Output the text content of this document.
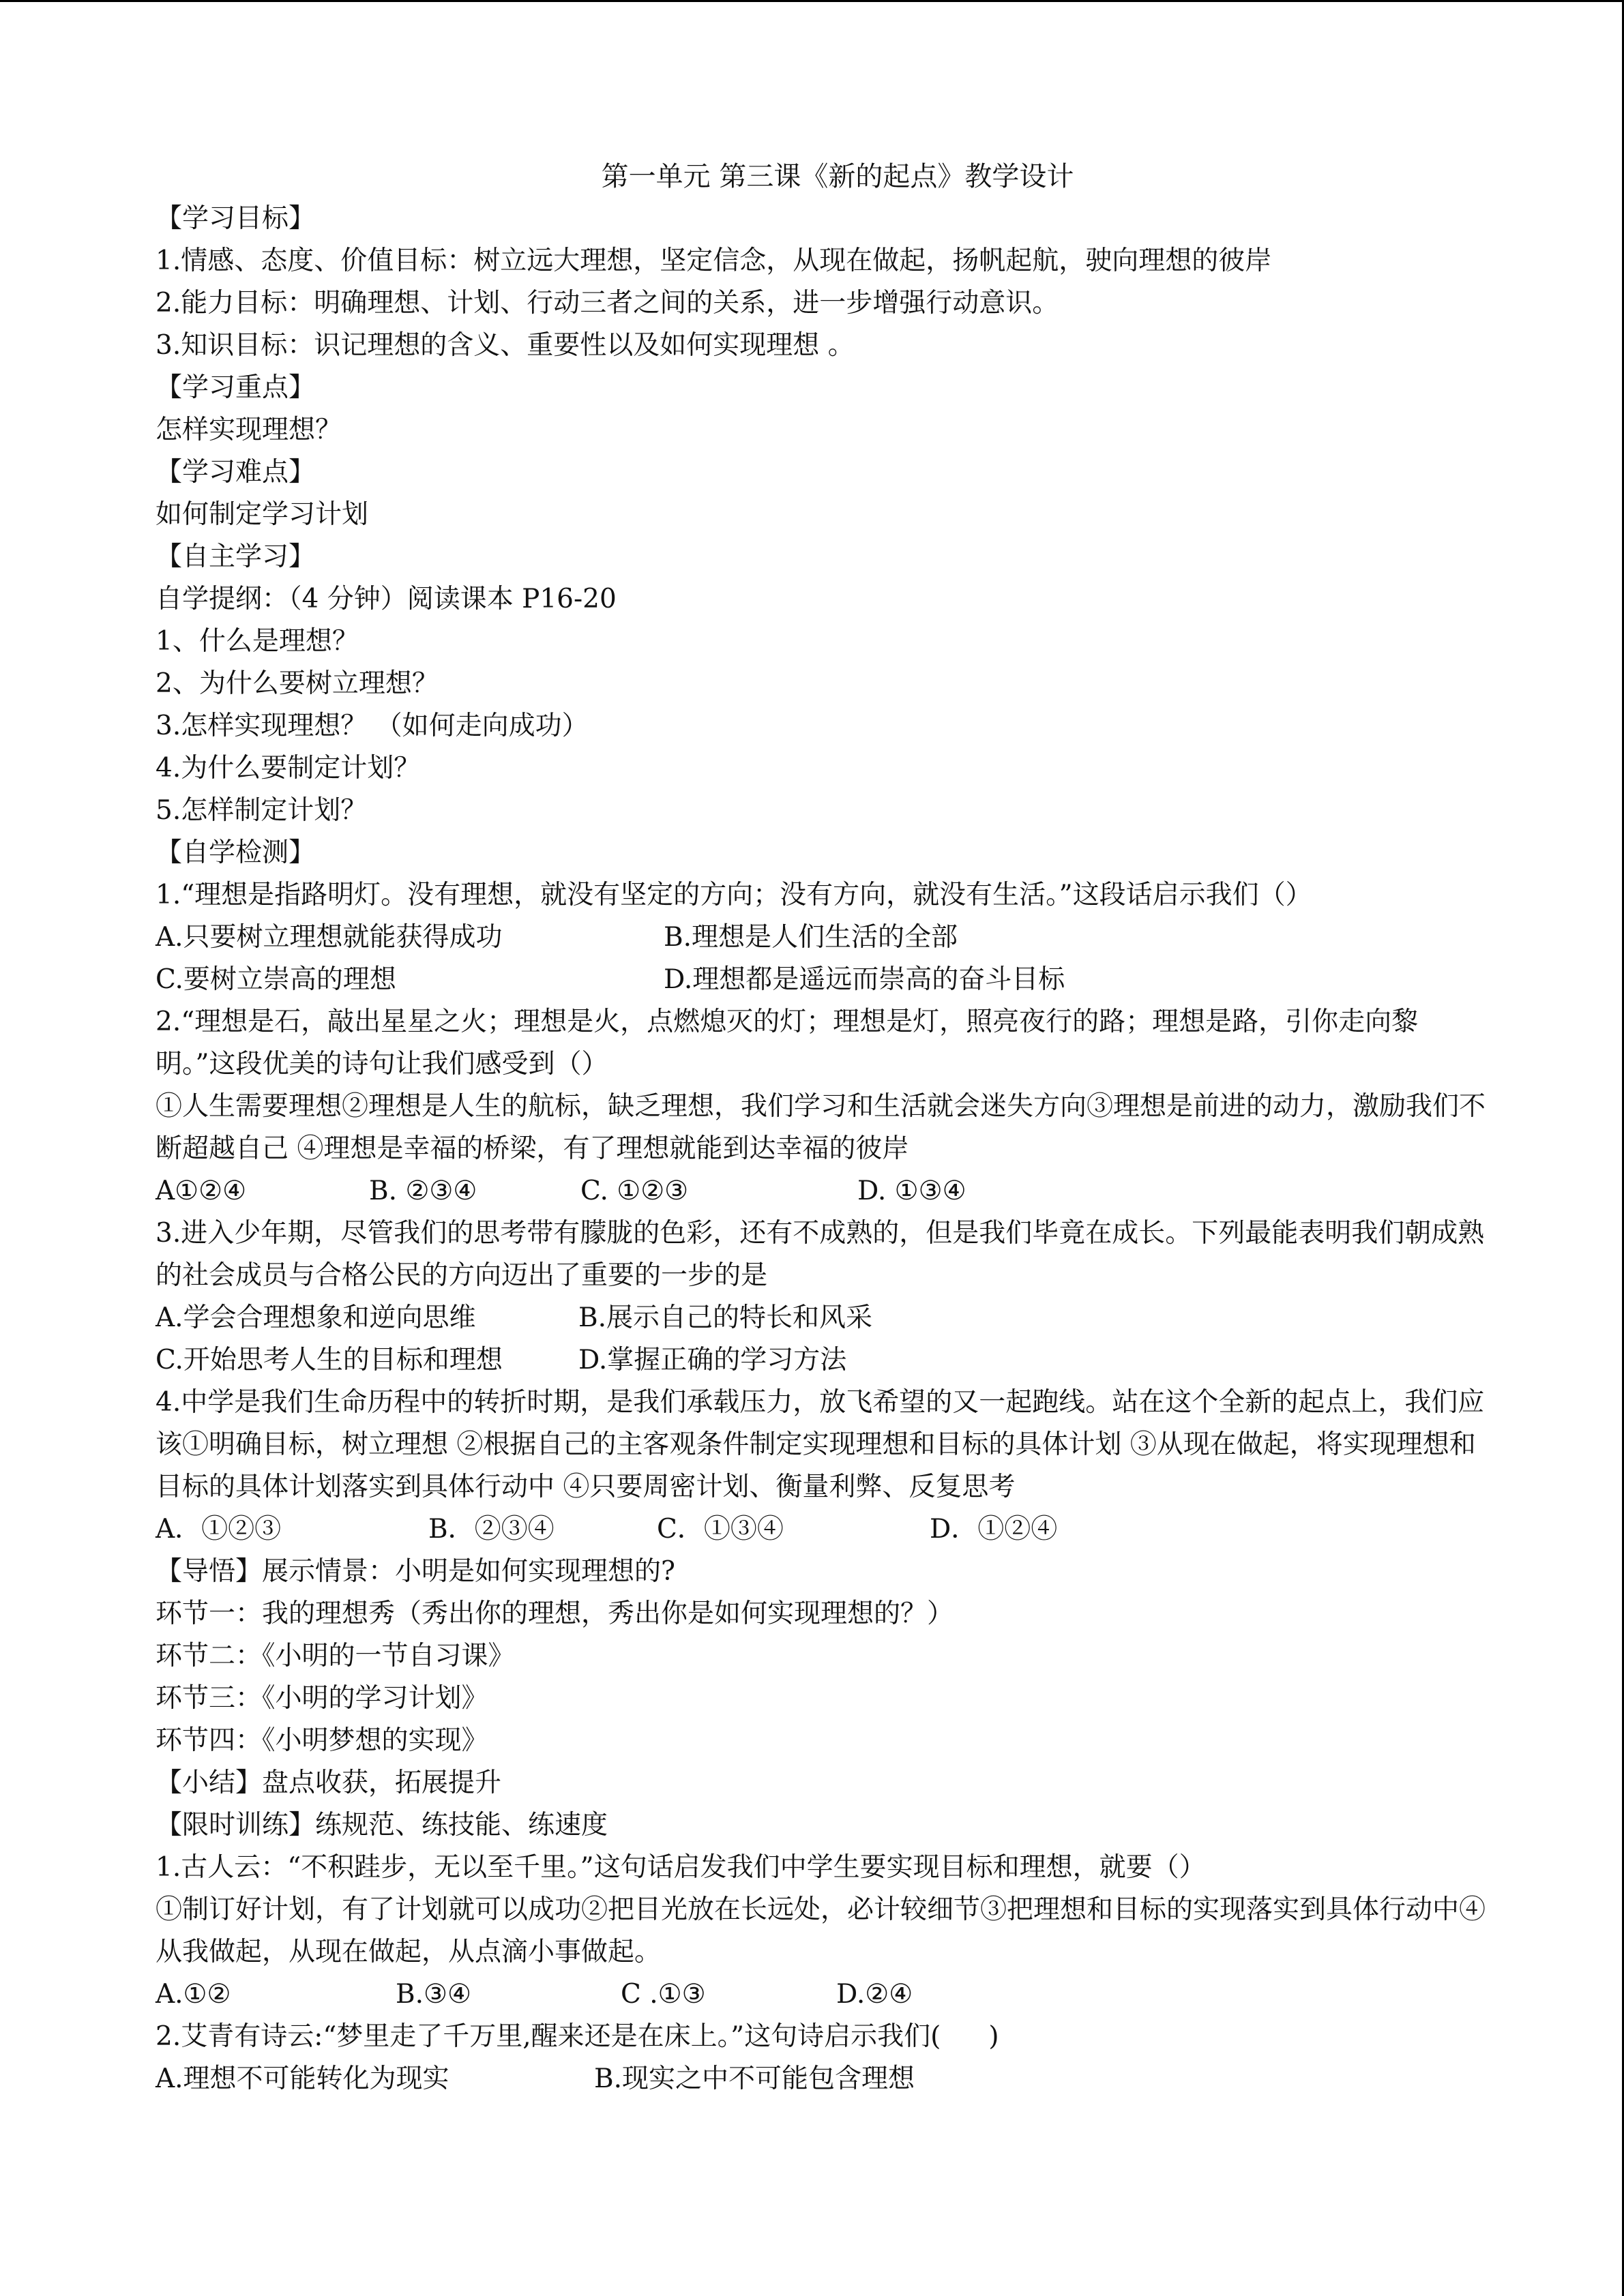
第一单元 第三课《新的起点》教学设计

【学习目标】

1.情感、态度、价值目标：树立远大理想，坚定信念，从现在做起，扬帆起航，驶向理想的彼岸

2.能力目标：明确理想、计划、行动三者之间的关系，进一步增强行动意识。

3.知识目标：识记理想的含义、重要性以及如何实现理想 。

【学习重点】

怎样实现理想？

【学习难点】

如何制定学习计划

【自主学习】

自学提纲：（4 分钟）阅读课本 P16-20

1、什么是理想？

2、为什么要树立理想？

3.怎样实现理想？ （如何走向成功）

4.为什么要制定计划？

5.怎样制定计划？

【自学检测】

1.“理想是指路明灯。没有理想，就没有坚定的方向；没有方向，就没有生活。”这段话启示我们（）

A.只要树立理想就能获得成功	B.理想是人们生活的全部
C.要树立崇高的理想	D.理想都是遥远而崇高的奋斗目标

2.“理想是石，敲出星星之火；理想是火，点燃熄灭的灯；理想是灯，照亮夜行的路；理想是路，引你走向黎明。”这段优美的诗句让我们感受到（）

①人生需要理想②理想是人生的航标，缺乏理想，我们学习和生活就会迷失方向③理想是前进的动力，激励我们不断超越自己 ④理想是幸福的桥梁，有了理想就能到达幸福的彼岸

A①②④	B. ②③④	C. ①②③	D. ①③④

3.进入少年期，尽管我们的思考带有朦胧的色彩，还有不成熟的，但是我们毕竟在成长。下列最能表明我们朝成熟的社会成员与合格公民的方向迈出了重要的一步的是

A.学会合理想象和逆向思维	B.展示自己的特长和风采
C.开始思考人生的目标和理想	D.掌握正确的学习方法

4.中学是我们生命历程中的转折时期，是我们承载压力，放飞希望的又一起跑线。站在这个全新的起点上，我们应该①明确目标，树立理想 ②根据自己的主客观条件制定实现理想和目标的具体计划 ③从现在做起，将实现理想和目标的具体计划落实到具体行动中 ④只要周密计划、衡量利弊、反复思考

A．①②③	B．②③④	C．①③④	D．①②④

【导悟】展示情景：小明是如何实现理想的?

环节一：我的理想秀（秀出你的理想，秀出你是如何实现理想的？）

环节二：《小明的一节自习课》

环节三：《小明的学习计划》

环节四：《小明梦想的实现》

【小结】盘点收获，拓展提升

【限时训练】练规范、练技能、练速度

1.古人云：“不积跬步，无以至千里。”这句话启发我们中学生要实现目标和理想，就要（）

①制订好计划，有了计划就可以成功②把目光放在长远处，必计较细节③把理想和目标的实现落实到具体行动中④从我做起，从现在做起，从点滴小事做起。

A.①②	B.③④	C .①③	D.②④

2.艾青有诗云:“梦里走了千万里,醒来还是在床上。”这句诗启示我们( )

A.理想不可能转化为现实	B.现实之中不可能包含理想
